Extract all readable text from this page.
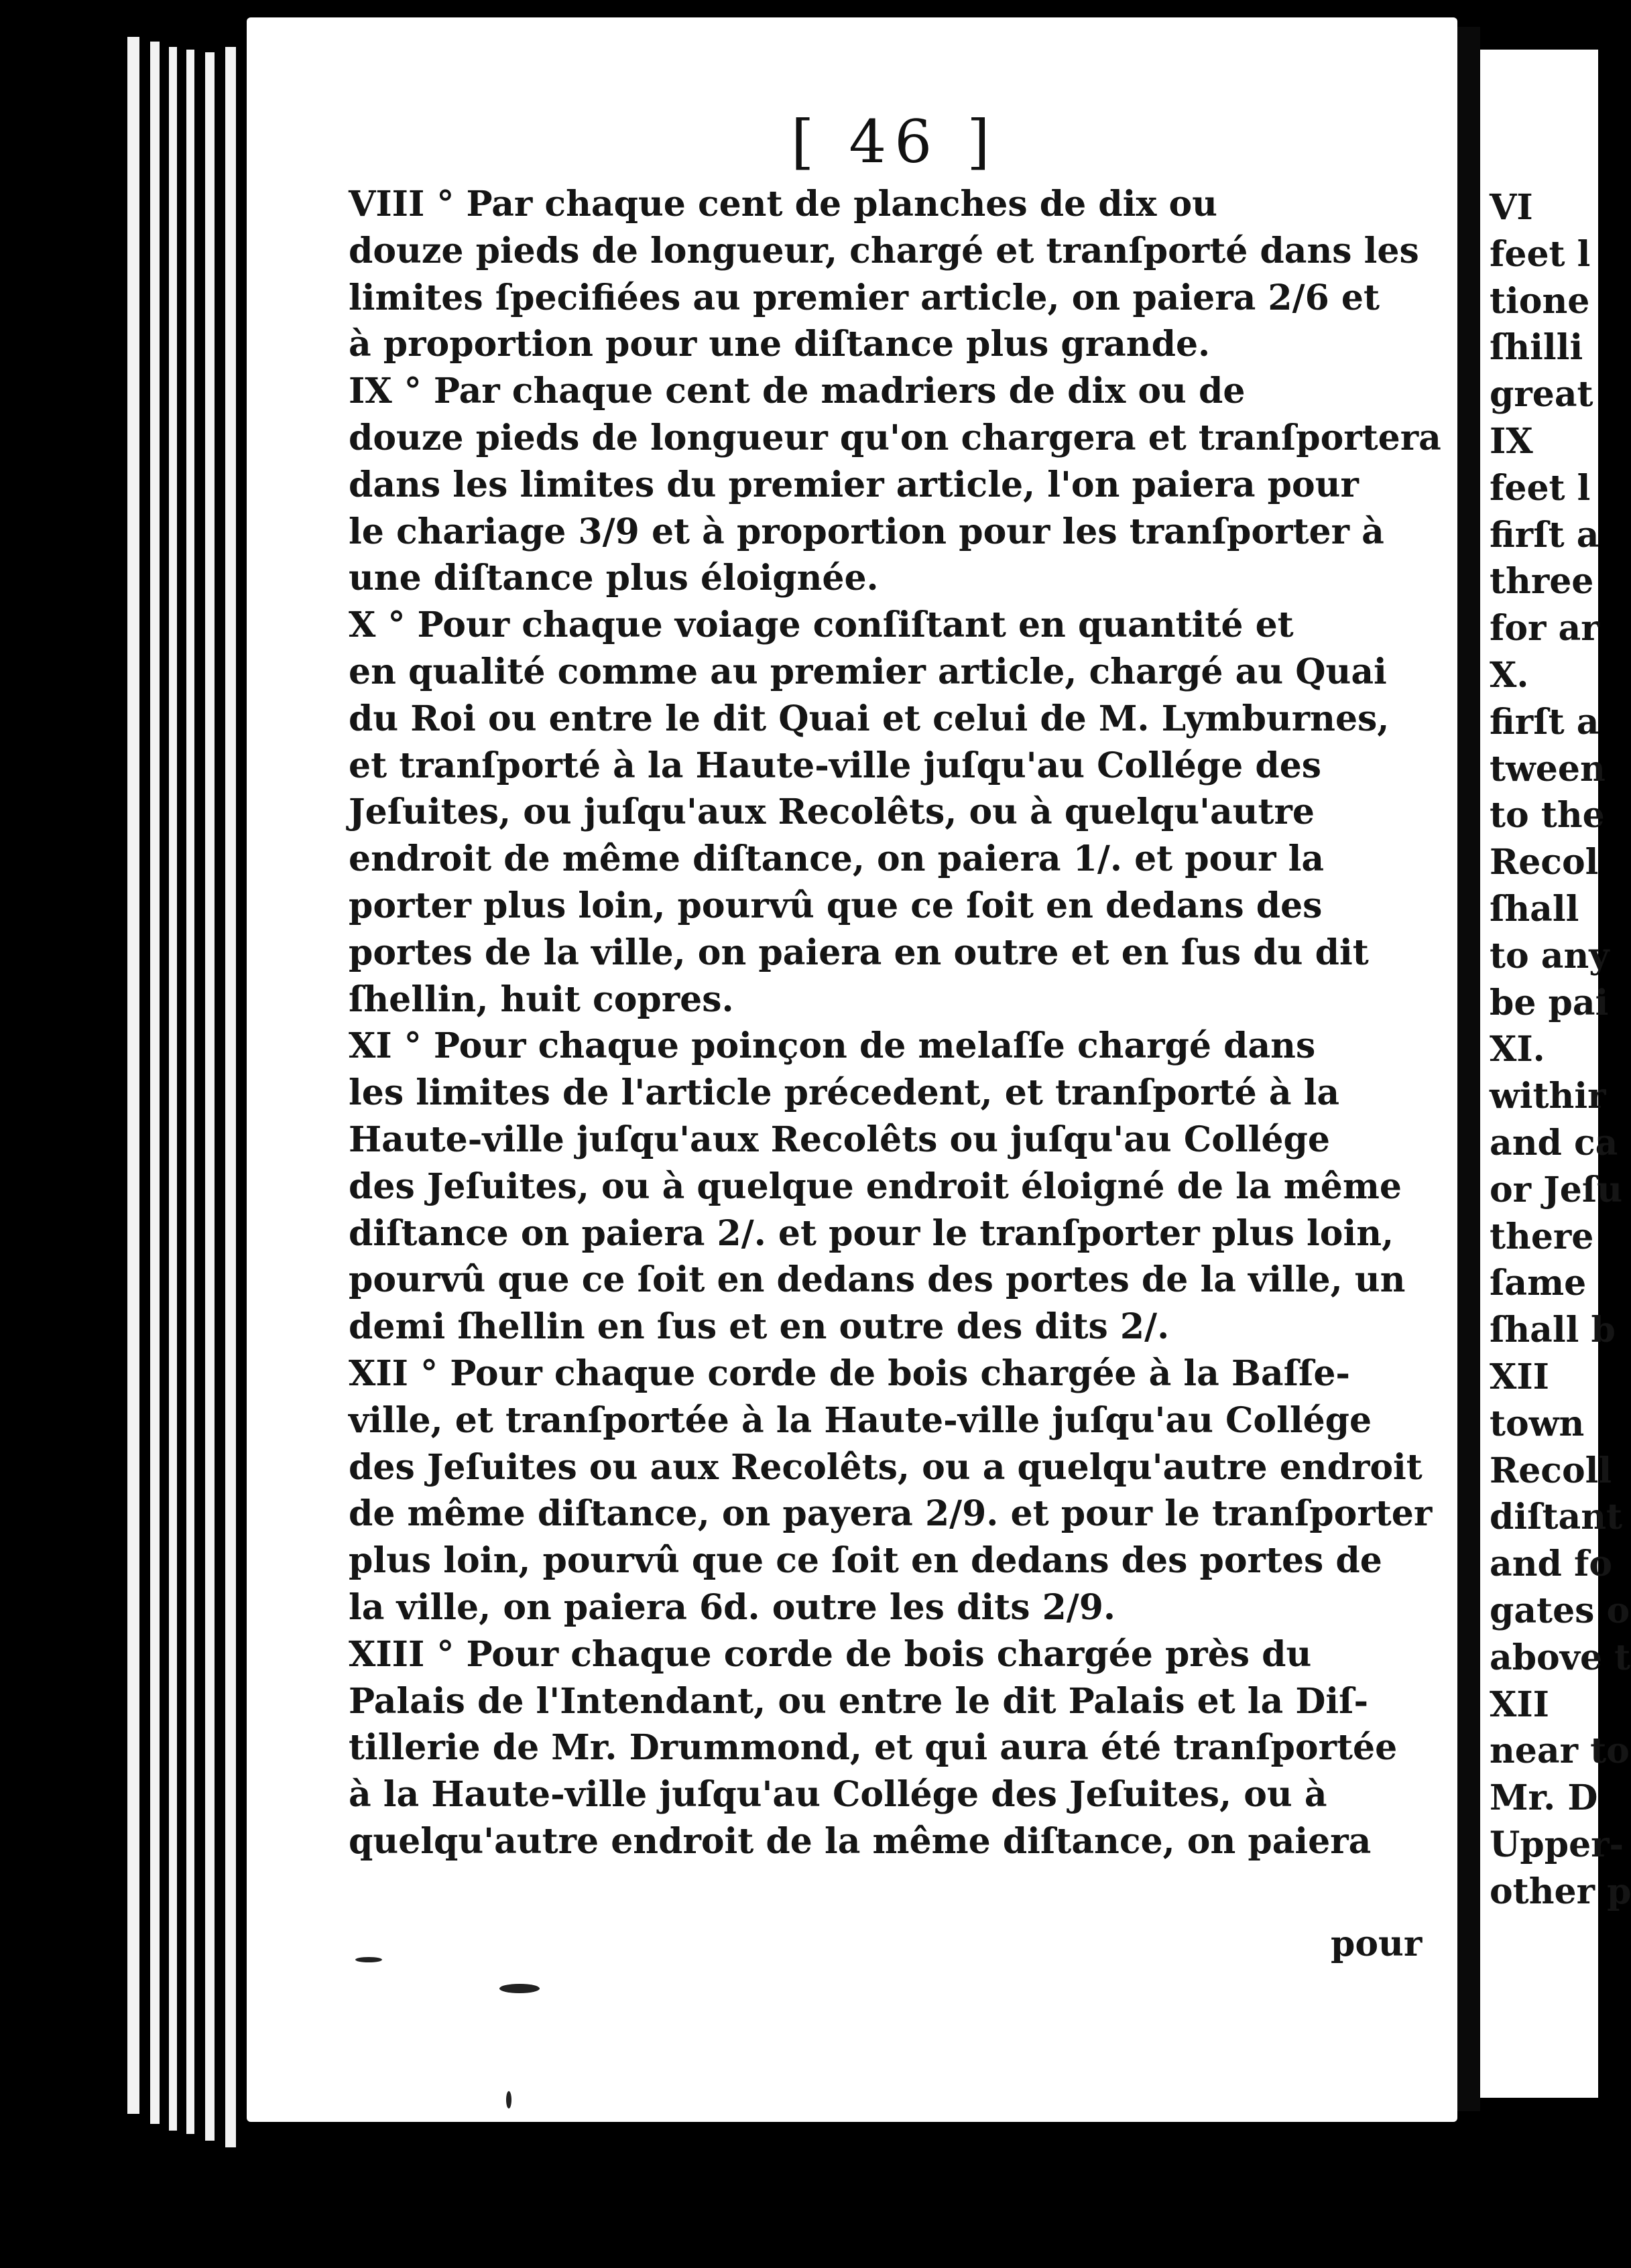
[ 46 ]
VIII ° Par chaque cent de planches de dix ou
douze pieds de longueur, chargé et tranſporté dans les
limites ſpecifiées au premier article, on paiera 2/6 et
à proportion pour une diſtance plus grande.
IX ° Par chaque cent de madriers de dix ou de
douze pieds de longueur qu'on chargera et tranſportera
dans les limites du premier article, l'on paiera pour
le chariage 3/9 et à proportion pour les tranſporter à
une diſtance plus éloignée.
X ° Pour chaque voiage conſiſtant en quantité et
en qualité comme au premier article, chargé au Quai
du Roi ou entre le dit Quai et celui de M. Lymburnes,
et tranſporté à la Haute-ville juſqu'au Collége des
Jeſuites, ou juſqu'aux Recolêts, ou à quelqu'autre
endroit de même diſtance, on paiera 1/. et pour la
porter plus loin, pourvû que ce ſoit en dedans des
portes de la ville, on paiera en outre et en ſus du dit
ſhellin, huit copres.
XI ° Pour chaque poinçon de melaſſe chargé dans
les limites de l'article précedent, et tranſporté à la
Haute-ville juſqu'aux Recolêts ou juſqu'au Collége
des Jeſuites, ou à quelque endroit éloigné de la même
diſtance on paiera 2/. et pour le tranſporter plus loin,
pourvû que ce ſoit en dedans des portes de la ville, un
demi ſhellin en ſus et en outre des dits 2/.
XII ° Pour chaque corde de bois chargée à la Baſſe-
ville, et tranſportée à la Haute-ville juſqu'au Collége
des Jeſuites ou aux Recolêts, ou a quelqu'autre endroit
de même diſtance, on payera 2/9. et pour le tranſporter
plus loin, pourvû que ce ſoit en dedans des portes de
la ville, on paiera 6d. outre les dits 2/9.
XIII ° Pour chaque corde de bois chargée près du
Palais de l'Intendant, ou entre le dit Palais et la Diſ-
tillerie de Mr. Drummond, et qui aura été tranſportée
à la Haute-ville juſqu'au Collége des Jeſuites, ou à
quelqu'autre endroit de la même diſtance, on paiera
pour
VI
feet l
tione
ſhilli
great
IX
feet l
firſt a
three
for ar
X.
firſt a
tween
to the
Recol
ſhall
to any
be pai
XI.
withir
and ca
or Jeſu
there
ſame
ſhall b
XII
town
Recoll
diſtant
and fo
gates o
above t
XII
near to
Mr. D
Upper-
other p
